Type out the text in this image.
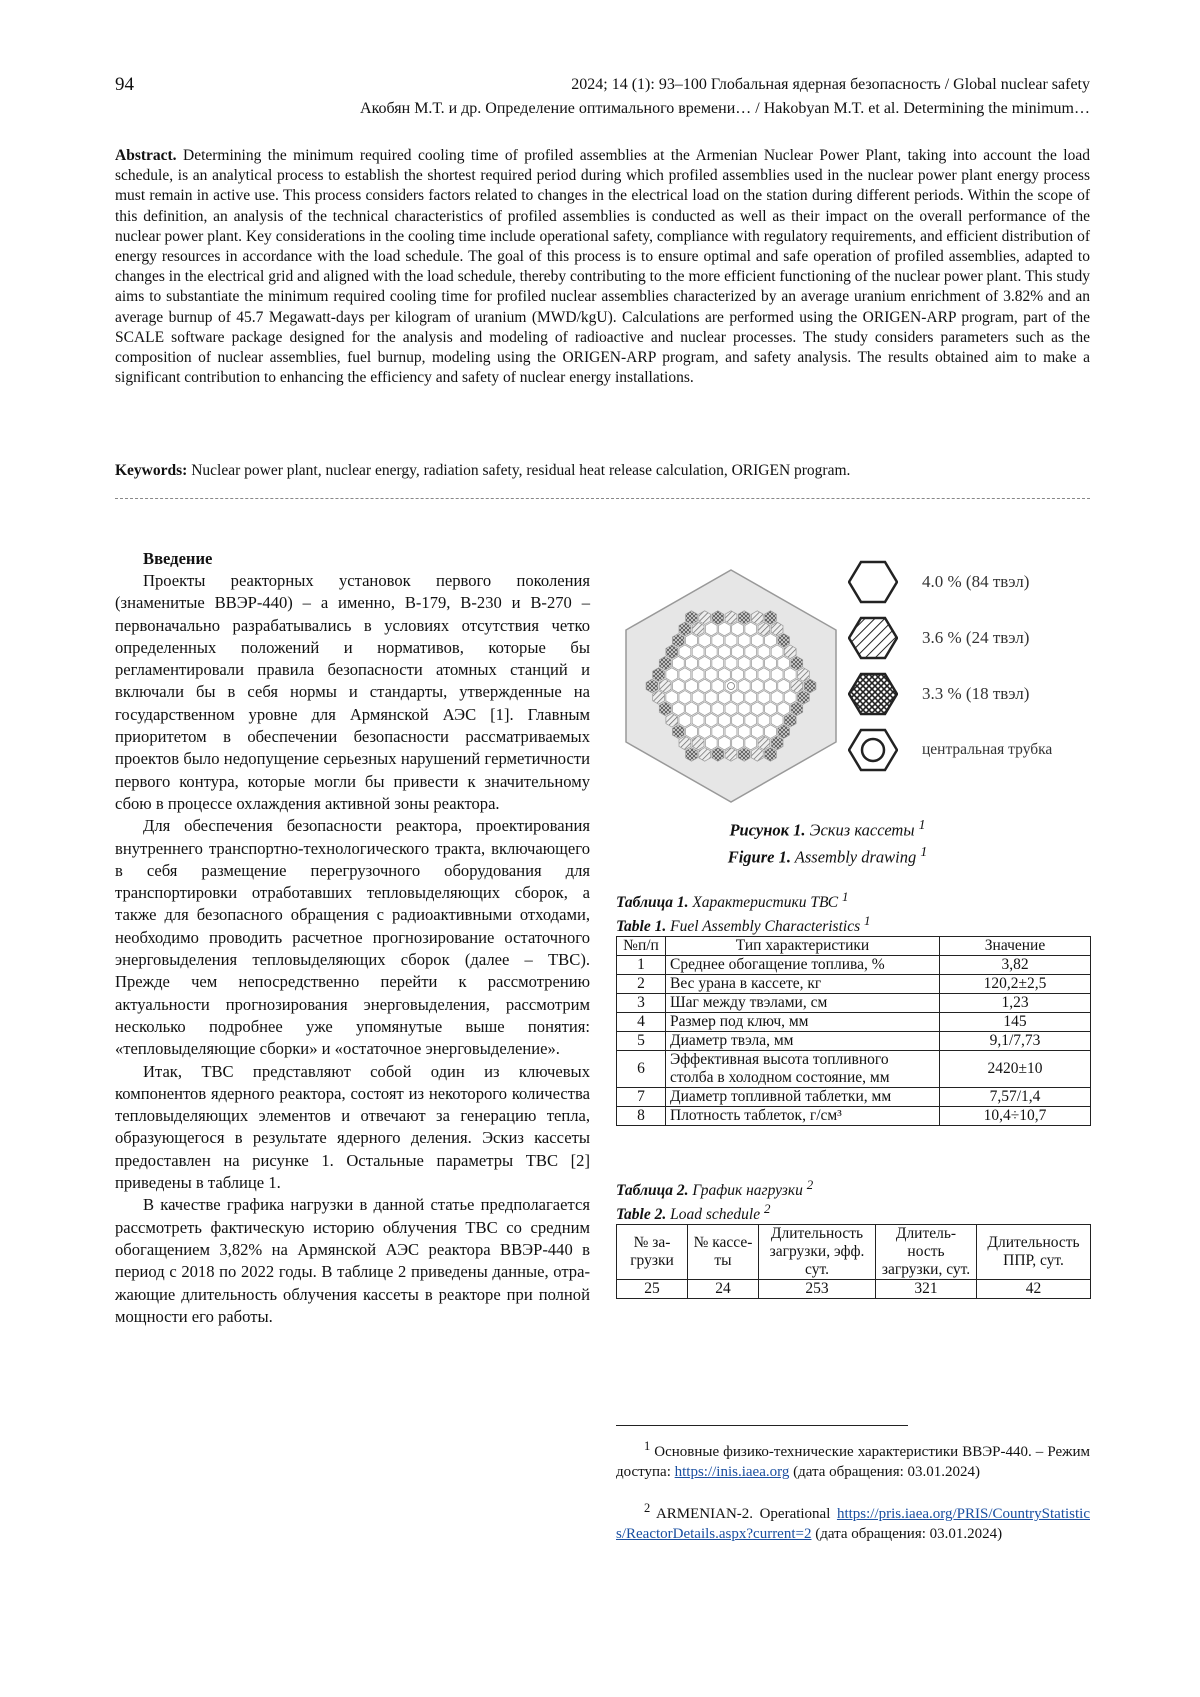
94	2024; 14 (1): 93–100 Глобальная ядерная безопасность / Global nuclear safety
Акобян М.Т. и др. Определение оптимального времени… / Hakobyan M.T. et al. Determining the minimum…
Abstract. Determining the minimum required cooling time of profiled assemblies at the Armenian Nuclear Power Plant, taking into account the load schedule, is an analytical process to establish the shortest required period during which profiled assemblies used in the nuclear power plant energy process must remain in active use. This process considers factors related to changes in the electrical load on the station during different periods. Within the scope of this definition, an analysis of the technical characteristics of profiled assemblies is conducted as well as their impact on the overall performance of the nuclear power plant. Key considerations in the cooling time include operational safety, compliance with regulatory requirements, and efficient distribution of energy resources in accordance with the load schedule. The goal of this process is to ensure optimal and safe operation of profiled assemblies, adapted to changes in the electrical grid and aligned with the load schedule, thereby contributing to the more efficient functioning of the nuclear power plant. This study aims to substantiate the minimum required cooling time for profiled nuclear assemblies characterized by an average uranium enrichment of 3.82% and an average burnup of 45.7 Megawatt-days per kilogram of uranium (MWD/kgU). Calculations are performed using the ORIGEN-ARP program, part of the SCALE software package designed for the analysis and modeling of radioactive and nuclear processes. The study considers parameters such as the composition of nuclear assemblies, fuel burnup, modeling using the ORIGEN-ARP program, and safety analysis. The results obtained aim to make a significant contribution to enhancing the efficiency and safety of nuclear energy installations.
Keywords: Nuclear power plant, nuclear energy, radiation safety, residual heat release calculation, ORIGEN program.
Введение

Проекты реакторных установок первого поколения (знаменитые ВВЭР-440) – а именно, В-179, В-230 и В-270 – первоначально разрабатывались в условиях отсутствия четко определенных положений и нормативов, которые бы регламентировали правила безопасности атомных станций и включали бы в себя нормы и стандарты, утвержденные на государственном уровне для Армянской АЭС [1]. Главным приоритетом в обеспечении безопасности рассматриваемых проектов было недопущение серьезных нарушений герметичности первого контура, которые могли бы привести к значительному сбою в процессе охлаждения активной зоны реактора.

Для обеспечения безопасности реактора, проектирования внутреннего транспортно-технологического тракта, включающего в себя размещение перегрузочного оборудования для транспортировки отработавших тепловыделяющих сборок, а также для безопасного обращения с радиоактивными отходами, необходимо проводить расчетное прогнозирование остаточного энерговыделения тепловыделяющих сборок (далее – ТВС). Прежде чем непосредственно перейти к рассмотрению актуальности прогнозирования энерговыделения, рассмотрим несколько подробнее уже упомянутые выше понятия: «тепловыделяющие сборки» и «остаточное энерговыделение».

Итак, ТВС представляют собой один из ключевых компонентов ядерного реактора, состоят из некоторого количества тепловыделяющих элементов и отвечают за генерацию тепла, образующегося в результате ядерного деления. Эскиз кассеты предоставлен на рисунке 1. Остальные параметры ТВС [2] приведены в таблице 1.

В качестве графика нагрузки в данной статье предполагается рассмотреть фактическую историю облучения ТВС со средним обогащением 3,82% на Армянской АЭС реактора ВВЭР-440 в период с 2018 по 2022 годы. В таблице 2 приведены данные, отражающие длительность облучения кассеты в реакторе при полной мощности его работы.

4.0 % (84 твэл)
3.6 % (24 твэл)
3.3 % (18 твэл)
центральная трубка
Рисунок 1. Эскиз кассеты $^1$
Figure 1. Assembly drawing $^1$
Таблица 1. Характеристики ТВС $^1$
Table 1. Fuel Assembly Characteristics $^1$
№п/п	Тип характеристики	Значение
1	Среднее обогащение топлива, %	3,82
2	Вес урана в кассете, кг	120,2±2,5
3	Шаг между твэлами, см	1,23
4	Размер под ключ, мм	145
5	Диаметр твэла, мм	9,1/7,73
6	Эффективная высота топливного столба в холодном состояние, мм	2420±10
7	Диаметр топливной таблетки, мм	7,57/1,4
8	Плотность таблеток, г/см³	10,4÷10,7
Таблица 2. График нагрузки $^2$
Table 2. Load schedule $^2$
№ за-грузки	№ кассе-ты	Длительность загрузки, эфф. сут.	Длитель-ность загрузки, сут.	Длительность ППР, сут.
25	24	253	321	42
$^1$ Основные физико-технические характеристики ВВЭР-440. – Режим доступа: https://inis.iaea.org (дата обращения: 03.01.2024)
$^2$ ARMENIAN-2. Operational https://pris.iaea.org/PRIS/CountryStatistics/ReactorDetails.aspx?current=2 (дата обращения: 03.01.2024)
